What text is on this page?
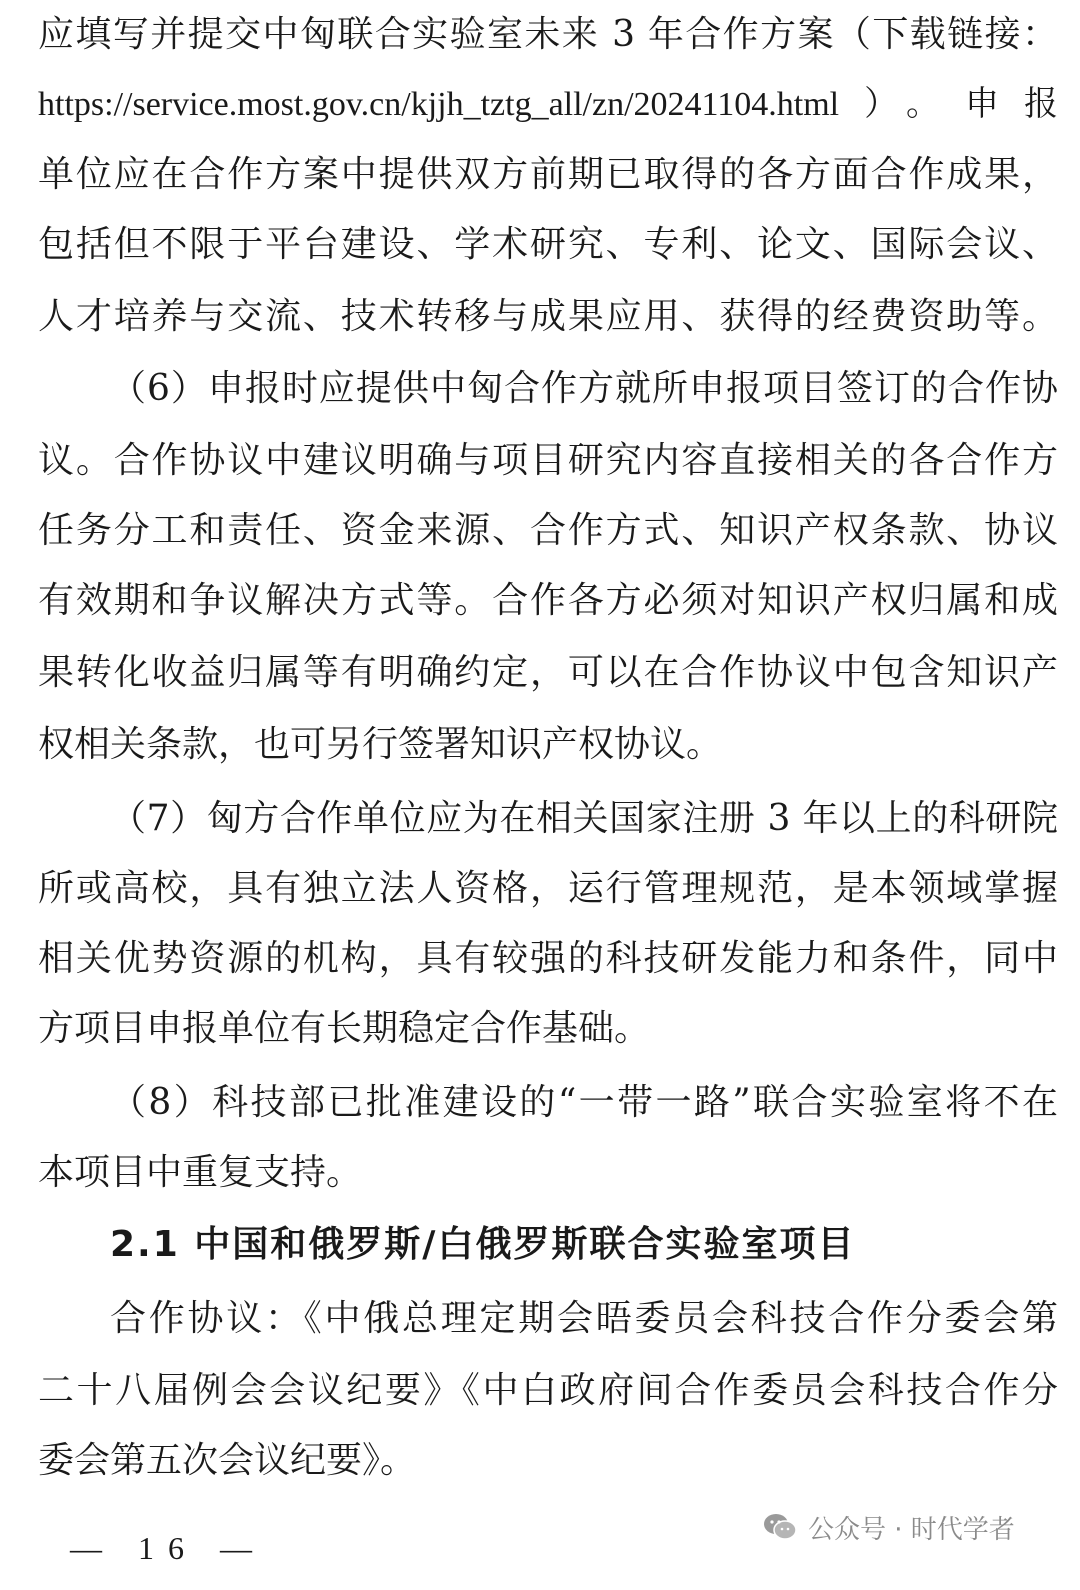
应填写并提交中匈联合实验室未来 3 年合作方案（下载链接：
https://service.most.gov.cn/kjjh_tztg_all/zn/20241104.html）。申报
单位应在合作方案中提供双方前期已取得的各方面合作成果，
包括但不限于平台建设、学术研究、专利、论文、国际会议、
人才培养与交流、技术转移与成果应用、获得的经费资助等。
（6）申报时应提供中匈合作方就所申报项目签订的合作协
议。合作协议中建议明确与项目研究内容直接相关的各合作方
任务分工和责任、资金来源、合作方式、知识产权条款、协议
有效期和争议解决方式等。合作各方必须对知识产权归属和成
果转化收益归属等有明确约定，可以在合作协议中包含知识产
权相关条款，也可另行签署知识产权协议。
（7）匈方合作单位应为在相关国家注册 3 年以上的科研院
所或高校，具有独立法人资格，运行管理规范，是本领域掌握
相关优势资源的机构，具有较强的科技研发能力和条件，同中
方项目申报单位有长期稳定合作基础。
（8）科技部已批准建设的“一带一路”联合实验室将不在
本项目中重复支持。
2.1 中国和俄罗斯/白俄罗斯联合实验室项目
合作协议：《中俄总理定期会晤委员会科技合作分委会第
二十八届例会会议纪要》《中白政府间合作委员会科技合作分
委会第五次会议纪要》。
— 16 —
公众号 · 时代学者
